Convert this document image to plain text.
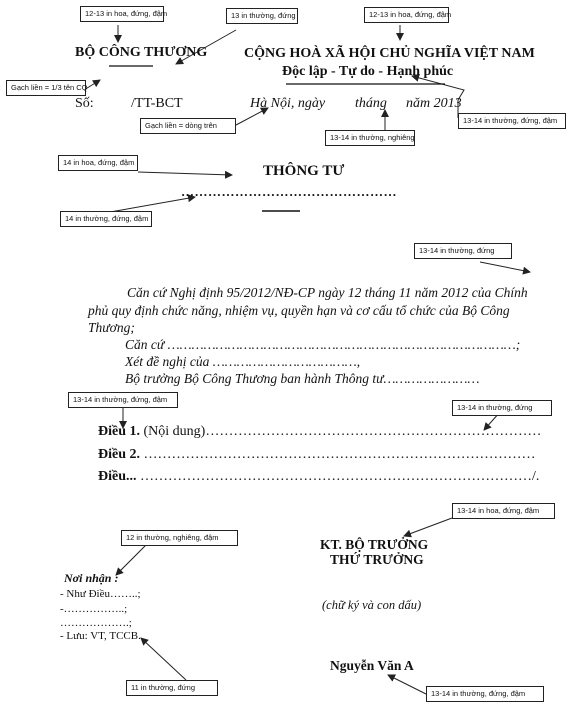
12-13 in hoa, đứng, đậm	13 in thường, đứng	12-13 in hoa, đứng, đậm
Gạch liền = 1/3 tên CQ
Gạch liền = dòng trên
13-14 in thường, nghiêng
13-14 in thường, đứng, đậm
14 in hoa, đứng, đậm
14 in thường, đứng, đậm
13-14 in thường, đứng
13-14 in thường, đứng, đậm
13-14 in thường, đứng
13-14 in hoa, đứng, đậm
12 in thường, nghiêng, đậm
11 in thường, đứng
13-14 in thường, đứng, đậm
BỘ CÔNG THƯƠNG	CỘNG HOÀ XÃ HỘI CHỦ NGHĨA VIỆT NAM
Độc lập - Tự do - Hạnh phúc
Số:	/TT-BCT	Hà Nội, ngày tháng năm 2013
THÔNG TƯ
…………………………………………
Căn cứ Nghị định 95/2012/NĐ-CP ngày 12 tháng 11 năm 2012 của Chính
phủ quy định chức năng, nhiệm vụ, quyền hạn và cơ cấu tổ chức của Bộ Công
Thương;
Căn cứ ……………………………………………………………………………;
Xét đề nghị của ………………………………,
Bộ trưởng Bộ Công Thương ban hành Thông tư……………………
Điều 1. (Nội dung)………………………………………………………………
Điều 2. …………………………………………………………………………
Điều... …………………………………………………………………………/.
KT. BỘ TRƯỞNG
THỨ TRƯỞNG
(chữ ký và con dấu)
Nguyễn Văn A
Nơi nhận :
- Như Điều……..;
-……………..;
……………….;
- Lưu: VT, TCCB.
